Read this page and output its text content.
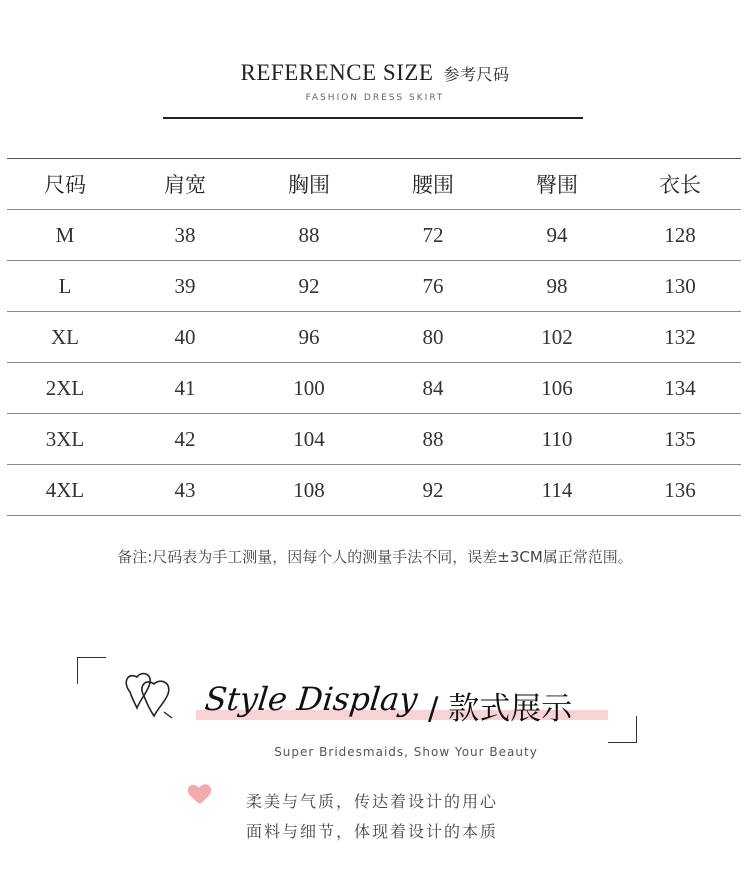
REFERENCE SIZE 参考尺码
FASHION DRESS SKIRT
尺码	肩宽	胸围	腰围	臀围	衣长
M	38	88	72	94	128
L	39	92	76	98	130
XL	40	96	80	102	132
2XL	41	100	84	106	134
3XL	42	104	88	110	135
4XL	43	108	92	114	136
备注:尺码表为手工测量，因每个人的测量手法不同，误差±3CM属正常范围。
Style Display / 款式展示
Super Bridesmaids, Show Your Beauty
柔美与气质，传达着设计的用心
面料与细节，体现着设计的本质
